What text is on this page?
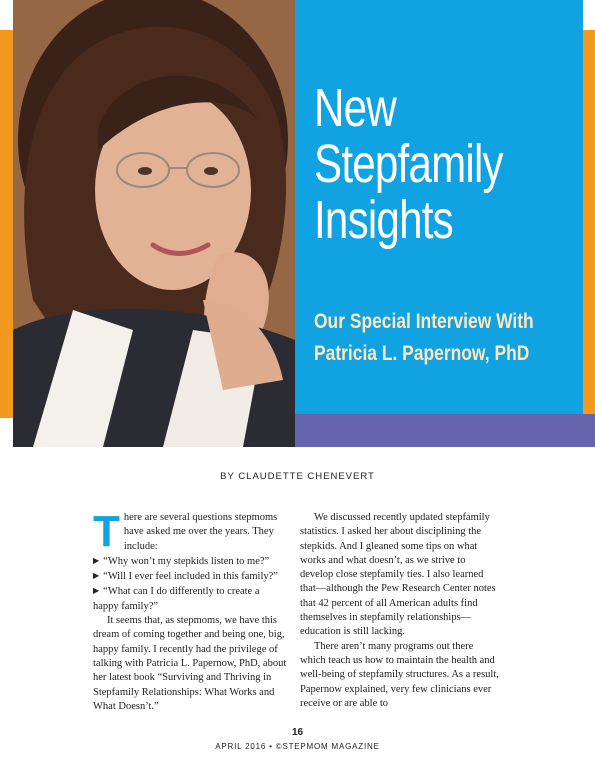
New
Stepfamily
Insights
Our Special Interview With
Patricia L. Papernow, PhD

BY CLAUDETTE CHENEVERT

There are several questions stepmoms have asked me over the years. They include:

▶ “Why won’t my stepkids listen to me?”

▶ “Will I ever feel included in this family?”

▶ “What can I do differently to create a happy family?”

It seems that, as stepmoms, we have this dream of coming together and being one, big, happy family. I recently had the privilege of talking with Patricia L. Papernow, PhD, about her latest book “Surviving and Thriving in Stepfamily Relationships: What Works and What Doesn’t.”

We discussed recently updated stepfamily statistics. I asked her about disciplining the stepkids. And I gleaned some tips on what works and what doesn’t, as we strive to develop close stepfamily ties. I also learned that—although the Pew Research Center notes that 42 percent of all American adults find themselves in stepfamily relationships—education is still lacking.

There aren’t many programs out there which teach us how to maintain the health and well-being of stepfamily structures. As a result, Papernow explained, very few clinicians ever receive or are able to

16

APRIL 2016 • ©STEPMOM MAGAZINE
